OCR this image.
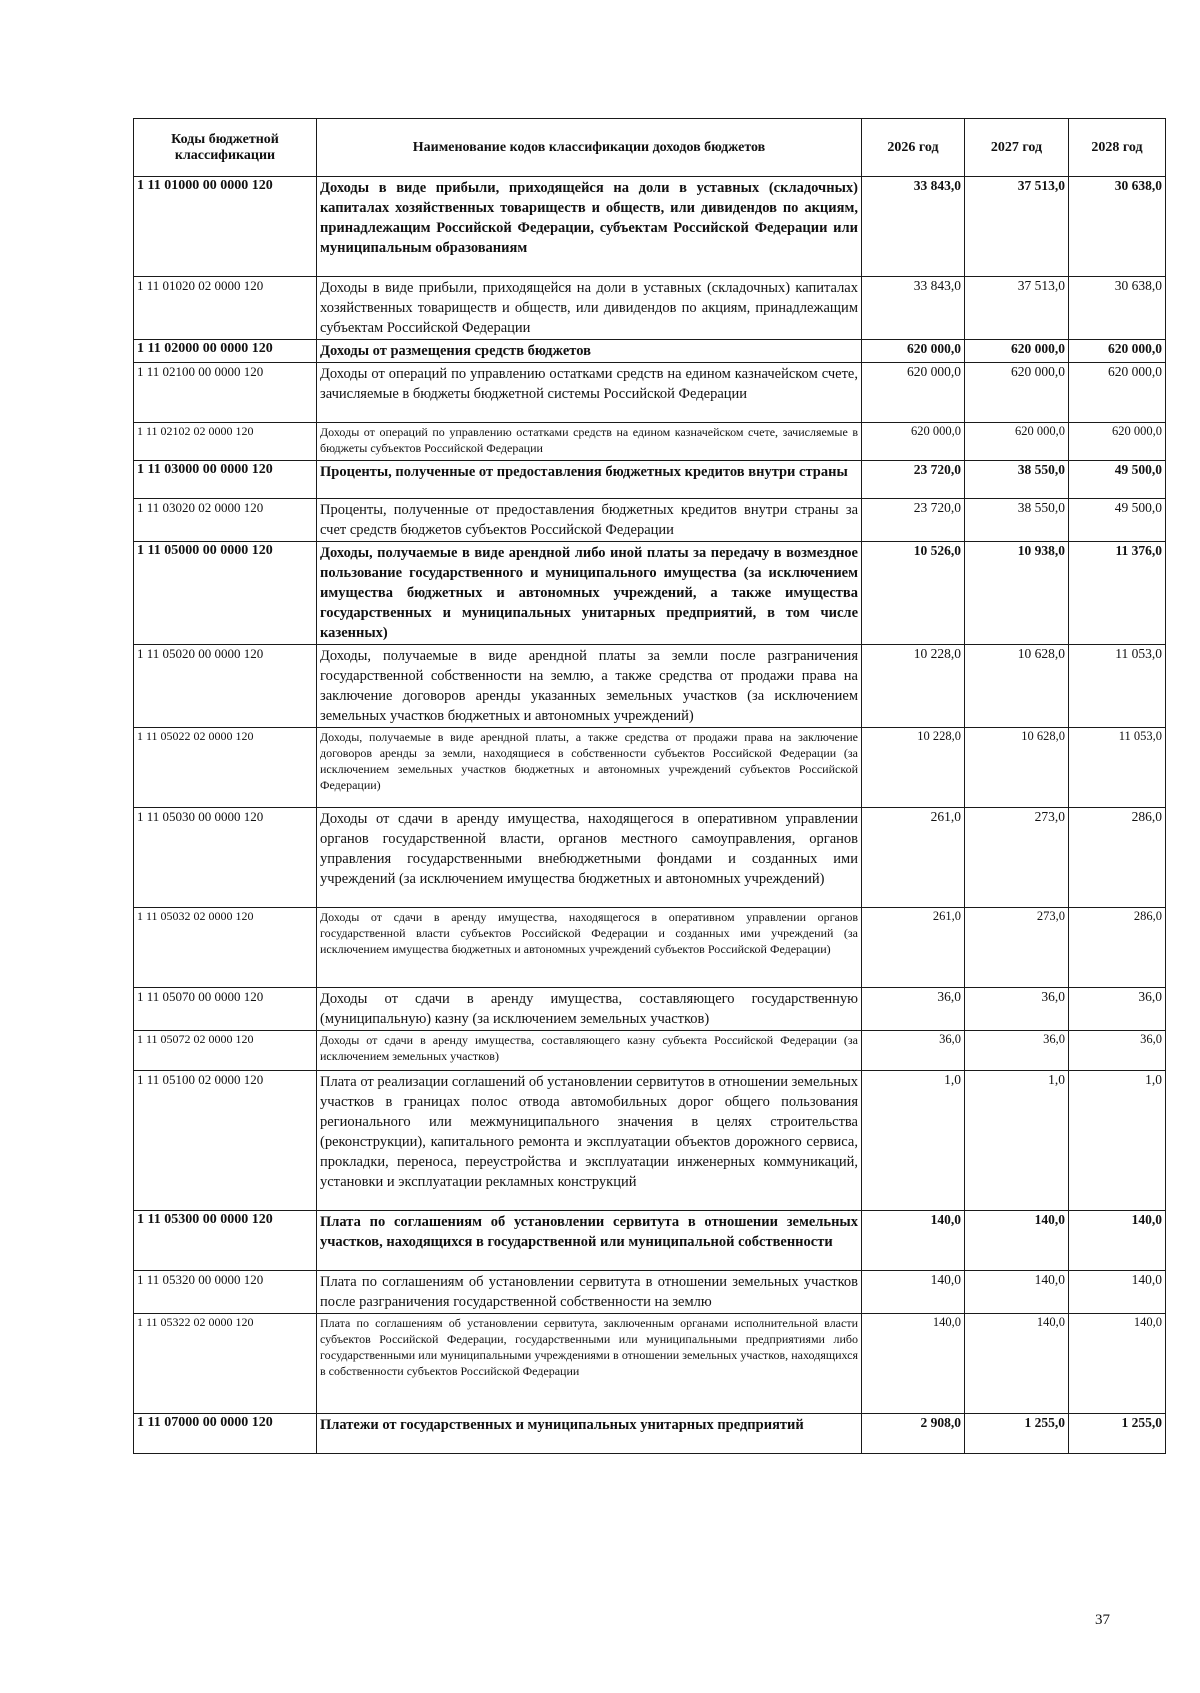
Коды бюджетной классификации	Наименование кодов классификации доходов бюджетов	2026 год	2027 год	2028 год
1 11 01000 00 0000 120	Доходы в виде прибыли, приходящейся на доли в уставных (складочных) капиталах хозяйственных товариществ и обществ, или дивидендов по акциям, принадлежащим Российской Федерации, субъектам Российской Федерации или муниципальным образованиям	33 843,0	37 513,0	30 638,0
1 11 01020 02 0000 120	Доходы в виде прибыли, приходящейся на доли в уставных (складочных) капиталах хозяйственных товариществ и обществ, или дивидендов по акциям, принадлежащим субъектам Российской Федерации	33 843,0	37 513,0	30 638,0
1 11 02000 00 0000 120	Доходы от размещения средств бюджетов	620 000,0	620 000,0	620 000,0
1 11 02100 00 0000 120	Доходы от операций по управлению остатками средств на едином казначейском счете, зачисляемые в бюджеты бюджетной системы Российской Федерации	620 000,0	620 000,0	620 000,0
1 11 02102 02 0000 120	Доходы от операций по управлению остатками средств на едином казначейском счете, зачисляемые в бюджеты субъектов Российской Федерации	620 000,0	620 000,0	620 000,0
1 11 03000 00 0000 120	Проценты, полученные от предоставления бюджетных кредитов внутри страны	23 720,0	38 550,0	49 500,0
1 11 03020 02 0000 120	Проценты, полученные от предоставления бюджетных кредитов внутри страны за счет средств бюджетов субъектов Российской Федерации	23 720,0	38 550,0	49 500,0
1 11 05000 00 0000 120	Доходы, получаемые в виде арендной либо иной платы за передачу в возмездное пользование государственного и муниципального имущества (за исключением имущества бюджетных и автономных учреждений, а также имущества государственных и муниципальных унитарных предприятий, в том числе казенных)	10 526,0	10 938,0	11 376,0
1 11 05020 00 0000 120	Доходы, получаемые в виде арендной платы за земли после разграничения государственной собственности на землю, а также средства от продажи права на заключение договоров аренды указанных земельных участков (за исключением земельных участков бюджетных и автономных учреждений)	10 228,0	10 628,0	11 053,0
1 11 05022 02 0000 120	Доходы, получаемые в виде арендной платы, а также средства от продажи права на заключение договоров аренды за земли, находящиеся в собственности субъектов Российской Федерации (за исключением земельных участков бюджетных и автономных учреждений субъектов Российской Федерации)	10 228,0	10 628,0	11 053,0
1 11 05030 00 0000 120	Доходы от сдачи в аренду имущества, находящегося в оперативном управлении органов государственной власти, органов местного самоуправления, органов управления государственными внебюджетными фондами и созданных ими учреждений (за исключением имущества бюджетных и автономных учреждений)	261,0	273,0	286,0
1 11 05032 02 0000 120	Доходы от сдачи в аренду имущества, находящегося в оперативном управлении органов государственной власти субъектов Российской Федерации и созданных ими учреждений (за исключением имущества бюджетных и автономных учреждений субъектов Российской Федерации)	261,0	273,0	286,0
1 11 05070 00 0000 120	Доходы от сдачи в аренду имущества, составляющего государственную (муниципальную) казну (за исключением земельных участков)	36,0	36,0	36,0
1 11 05072 02 0000 120	Доходы от сдачи в аренду имущества, составляющего казну субъекта Российской Федерации (за исключением земельных участков)	36,0	36,0	36,0
1 11 05100 02 0000 120	Плата от реализации соглашений об установлении сервитутов в отношении земельных участков в границах полос отвода автомобильных дорог общего пользования регионального или межмуниципального значения в целях строительства (реконструкции), капитального ремонта и эксплуатации объектов дорожного сервиса, прокладки, переноса, переустройства и эксплуатации инженерных коммуникаций, установки и эксплуатации рекламных конструкций	1,0	1,0	1,0
1 11 05300 00 0000 120	Плата по соглашениям об установлении сервитута в отношении земельных участков, находящихся в государственной или муниципальной собственности	140,0	140,0	140,0
1 11 05320 00 0000 120	Плата по соглашениям об установлении сервитута в отношении земельных участков после разграничения государственной собственности на землю	140,0	140,0	140,0
1 11 05322 02 0000 120	Плата по соглашениям об установлении сервитута, заключенным органами исполнительной власти субъектов Российской Федерации, государственными или муниципальными предприятиями либо государственными или муниципальными учреждениями в отношении земельных участков, находящихся в собственности субъектов Российской Федерации	140,0	140,0	140,0
1 11 07000 00 0000 120	Платежи от государственных и муниципальных унитарных предприятий	2 908,0	1 255,0	1 255,0
37
